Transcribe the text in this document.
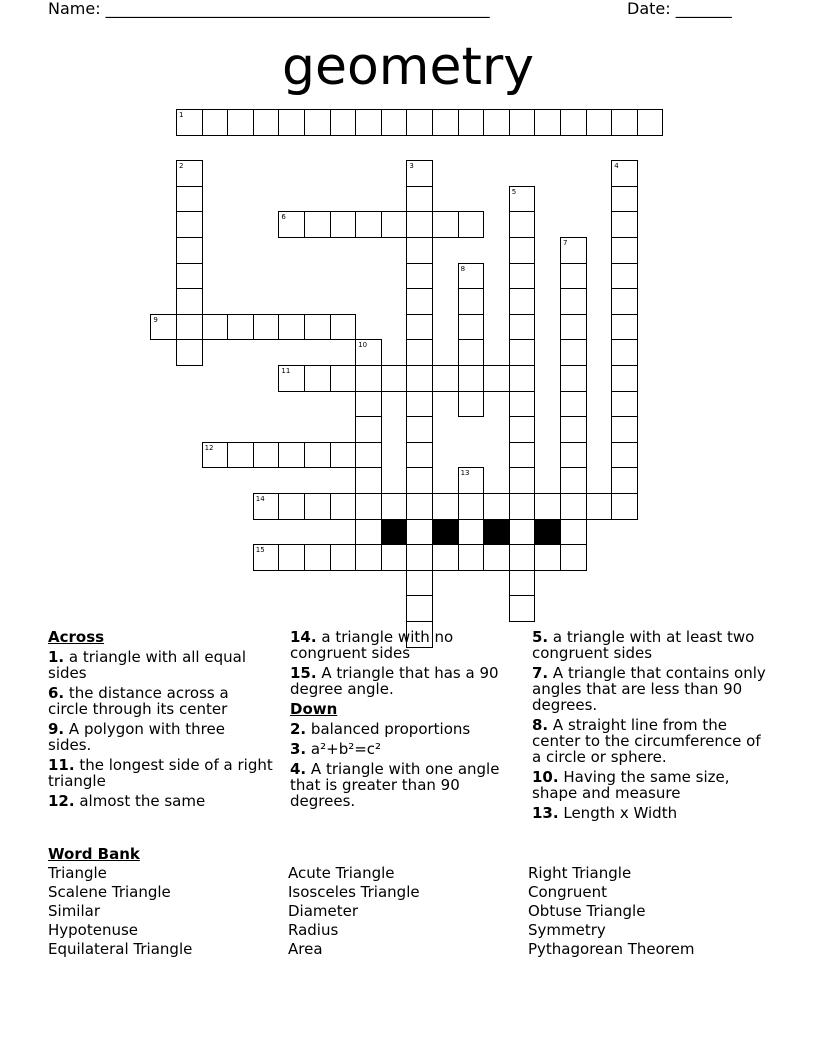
Name: ________________________________________________	Date: _______
geometry
1
2	3	4
5
6
7
8
9
10
11
12
13
14
15
Across
1. a triangle with all equal sides
6. the distance across a circle through its center
9. A polygon with three sides.
11. the longest side of a right triangle
12. almost the same
14. a triangle with no congruent sides
15. A triangle that has a 90 degree angle.
Down
2. balanced proportions
3. a²+b²=c²
4. A triangle with one angle that is greater than 90 degrees.
5. a triangle with at least two congruent sides
7. A triangle that contains only angles that are less than 90 degrees.
8. A straight line from the center to the circumference of a circle or sphere.
10. Having the same size, shape and measure
13. Length x Width
Word Bank
Triangle
Scalene Triangle
Similar
Hypotenuse
Equilateral Triangle
Acute Triangle
Isosceles Triangle
Diameter
Radius
Area
Right Triangle
Congruent
Obtuse Triangle
Symmetry
Pythagorean Theorem
